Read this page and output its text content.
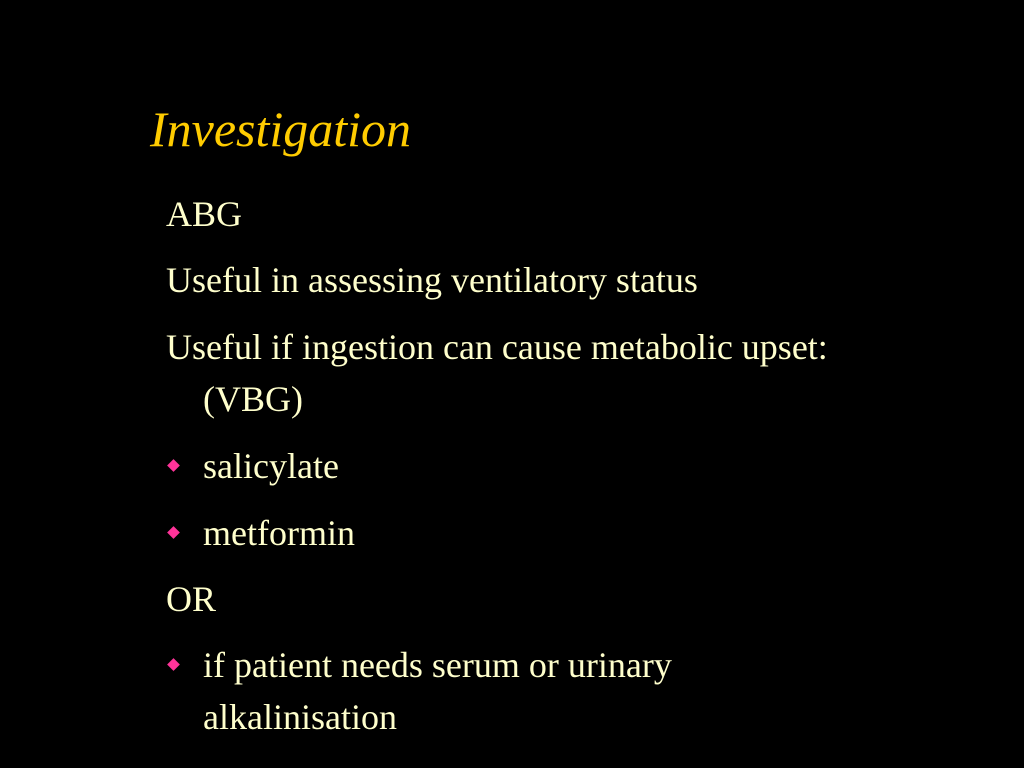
Investigation
ABG
Useful in assessing ventilatory status
Useful if ingestion can cause metabolic upset:
(VBG)
salicylate
metformin
OR
if patient needs serum or urinary
alkalinisation
